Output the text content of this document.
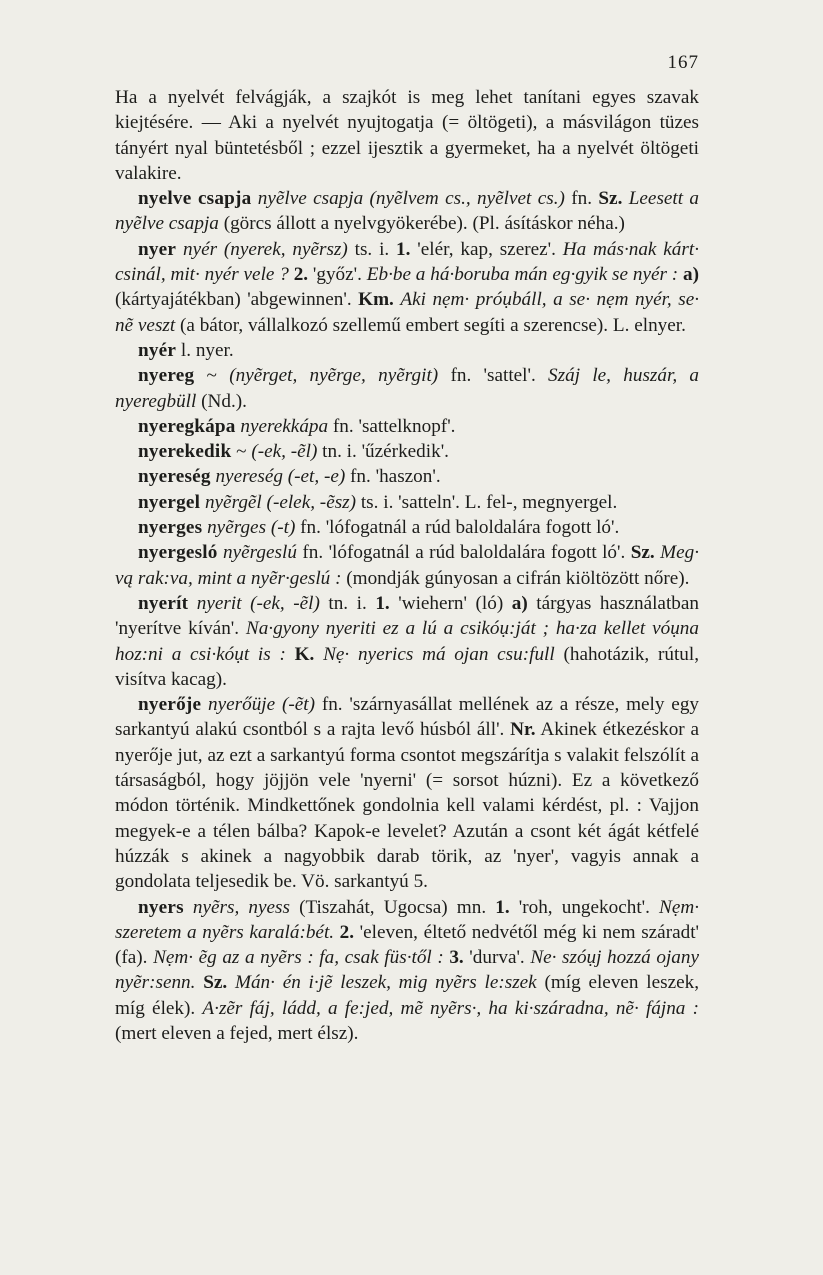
167

Ha a nyelvét felvágják, a szajkót is meg lehet tanítani egyes szavak kiejtésére. — Aki a nyelvét nyujtogatja (= öltögeti), a másvilágon tüzes tányért nyal büntetésből ; ezzel ijesztik a gyermeket, ha a nyelvét öltögeti valakire.

nyelve csapja nyẽlve csapja (nyẽlvem cs., nyẽlvet cs.) fn. Sz. Leesett a nyẽlve csapja (görcs állott a nyelvgyökerébe). (Pl. ásításkor néha.)

nyer nyér (nyerek, nyẽrsz) ts. i. 1. 'elér, kap, szerez'. Ha más·nak kárt· csinál, mit· nyér vele ? 2. 'győz'. Eb·be a há·boruba mán eg·gyik se nyér : a) (kártyajátékban) 'abgewinnen'. Km. Aki nẹm· próụbáll, a se· nẹm nyér, se· nẽ veszt (a bátor, vállalkozó szellemű embert segíti a szerencse). L. elnyer.

nyér l. nyer.

nyereg ~ (nyẽrget, nyẽrge, nyẽrgit) fn. 'sattel'. Száj le, huszár, a nyeregbüll (Nd.).

nyeregkápa nyerekkápa fn. 'sattelknopf'.

nyerekedik ~ (-ek, -ẽl) tn. i. 'űzérkedik'.

nyereség nyereség (-et, -e) fn. 'haszon'.

nyergel nyẽrgẽl (-elek, -ẽsz) ts. i. 'satteln'. L. fel-, megnyergel.

nyerges nyẽrges (-t) fn. 'lófogatnál a rúd baloldalára fogott ló'.

nyergesló nyẽrgeslú fn. 'lófogatnál a rúd baloldalára fogott ló'. Sz. Meg· vą rak:va, mint a nyẽr·geslú : (mondják gúnyosan a cifrán kiöltözött nőre).

nyerít nyerit (-ek, -ẽl) tn. i. 1. 'wiehern' (ló) a) tárgyas használatban 'nyerítve kíván'. Na·gyony nyeriti ez a lú a csikóụ:ját ; ha·za kellet vóụna hoz:ni a csi·kóụt is : K. Nẹ· nyerics má ojan csu:full (hahotázik, rútul, visítva kacag).

nyerője nyerőüje (-ẽt) fn. 'szárnyasállat mellének az a része, mely egy sarkantyú alakú csontból s a rajta levő húsból áll'. Nr. Akinek étkezéskor a nyerője jut, az ezt a sarkantyú forma csontot megszárítja s valakit felszólít a társaságból, hogy jöjjön vele 'nyerni' (= sorsot húzni). Ez a következő módon történik. Mindkettőnek gondolnia kell valami kérdést, pl. : Vajjon megyek-e a télen bálba? Kapok-e levelet? Azután a csont két ágát kétfelé húzzák s akinek a nagyobbik darab törik, az 'nyer', vagyis annak a gondolata teljesedik be. Vö. sarkantyú 5.

nyers nyẽrs, nyess (Tiszahát, Ugocsa) mn. 1. 'roh, ungekocht'. Nẹm· szeretem a nyẽrs karalá:bét. 2. 'eleven, éltető nedvétől még ki nem száradt' (fa). Nẹm· ẽg az a nyẽrs : fa, csak füs·től : 3. 'durva'. Ne· szóụj hozzá ojany nyẽr:senn. Sz. Mán· én i·jẽ leszek, mig nyẽrs le:szek (míg eleven leszek, míg élek). A·zẽr fáj, ládd, a fe:jed, mẽ nyẽrs·, ha ki·száradna, nẽ· fájna : (mert eleven a fejed, mert élsz).
